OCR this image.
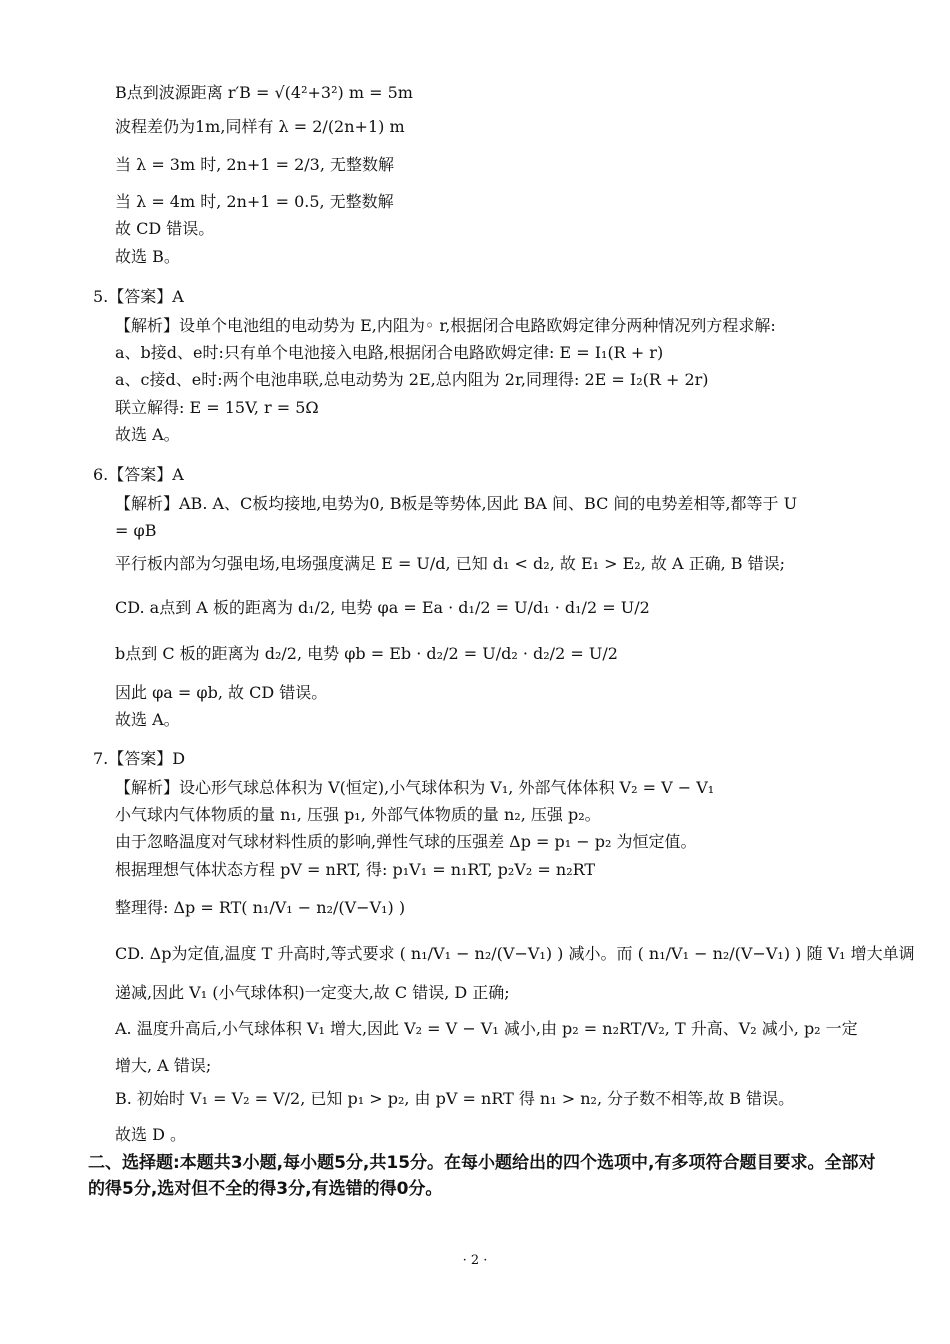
B点到波源距离 r′B = √(4²+3²) m = 5m
波程差仍为1m,同样有 λ = 2/(2n+1) m
当 λ = 3m 时, 2n+1 = 2/3, 无整数解
当 λ = 4m 时, 2n+1 = 0.5, 无整数解
故 CD 错误。
故选 B。
5.【答案】A
【解析】设单个电池组的电动势为 E,内阻为◦ r,根据闭合电路欧姆定律分两种情况列方程求解:
a、b接d、e时:只有单个电池接入电路,根据闭合电路欧姆定律: E = I₁(R + r)
a、c接d、e时:两个电池串联,总电动势为 2E,总内阻为 2r,同理得: 2E = I₂(R + 2r)
联立解得: E = 15V, r = 5Ω
故选 A。
6.【答案】A
【解析】AB. A、C板均接地,电势为0, B板是等势体,因此 BA 间、BC 间的电势差相等,都等于 U
= φB
平行板内部为匀强电场,电场强度满足 E = U/d, 已知 d₁ < d₂, 故 E₁ > E₂, 故 A 正确, B 错误;
CD. a点到 A 板的距离为 d₁/2, 电势 φa = Ea · d₁/2 = U/d₁ · d₁/2 = U/2
b点到 C 板的距离为 d₂/2, 电势 φb = Eb · d₂/2 = U/d₂ · d₂/2 = U/2
因此 φa = φb, 故 CD 错误。
故选 A。
7.【答案】D
【解析】设心形气球总体积为 V(恒定),小气球体积为 V₁, 外部气体体积 V₂ = V − V₁
小气球内气体物质的量 n₁, 压强 p₁, 外部气体物质的量 n₂, 压强 p₂。
由于忽略温度对气球材料性质的影响,弹性气球的压强差 Δp = p₁ − p₂ 为恒定值。
根据理想气体状态方程 pV = nRT, 得: p₁V₁ = n₁RT, p₂V₂ = n₂RT
整理得: Δp = RT( n₁/V₁ − n₂/(V−V₁) )
CD. Δp为定值,温度 T 升高时,等式要求 ( n₁/V₁ − n₂/(V−V₁) ) 减小。而 ( n₁/V₁ − n₂/(V−V₁) ) 随 V₁ 增大单调
递减,因此 V₁ (小气球体积)一定变大,故 C 错误, D 正确;
A. 温度升高后,小气球体积 V₁ 增大,因此 V₂ = V − V₁ 减小,由 p₂ = n₂RT/V₂, T 升高、V₂ 减小, p₂ 一定
增大, A 错误;
B. 初始时 V₁ = V₂ = V/2, 已知 p₁ > p₂, 由 pV = nRT 得 n₁ > n₂, 分子数不相等,故 B 错误。
故选 D 。
二、选择题:本题共3小题,每小题5分,共15分。在每小题给出的四个选项中,有多项符合题目要求。全部对的得5分,选对但不全的得3分,有选错的得0分。
· 2 ·
